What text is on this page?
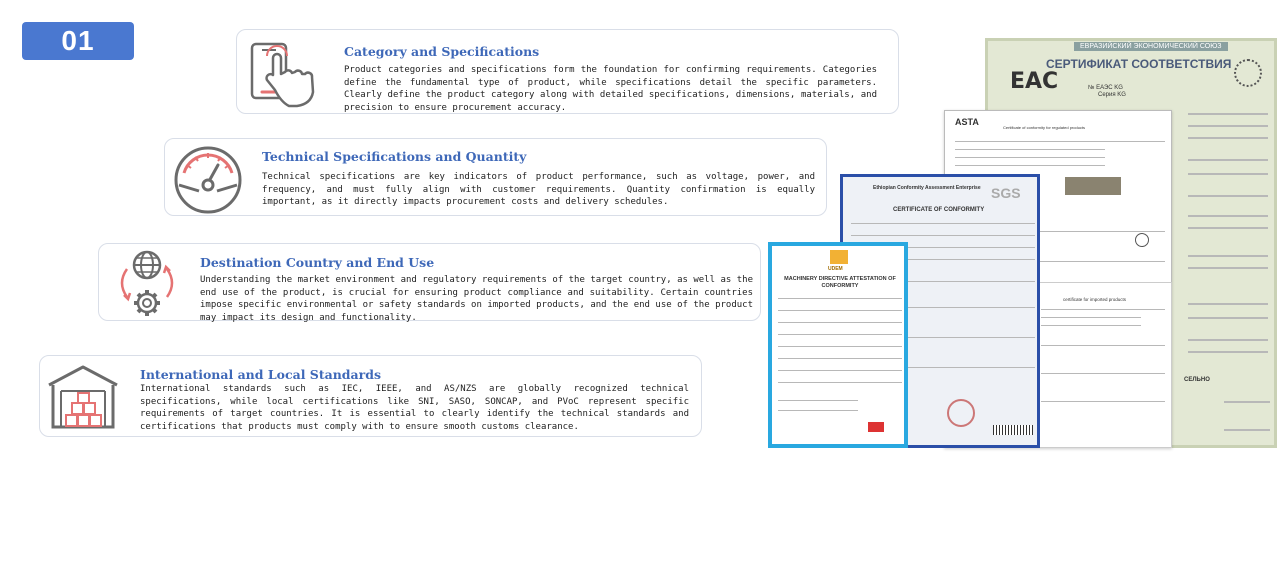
01	Category and Specifications

Product categories and specifications form the foundation for confirming requirements. Categories define the fundamental type of product, while specifications detail the specific parameters. Clearly define the product category along with detailed specifications, dimensions, materials, and precision to ensure procurement accuracy.

Technical Specifications and Quantity

Technical specifications are key indicators of product performance, such as voltage, power, and frequency, and must fully align with customer requirements. Quantity confirmation is equally important, as it directly impacts procurement costs and delivery schedules.

Destination Country and End Use

Understanding the market environment and regulatory requirements of the target country, as well as the end use of the product, is crucial for ensuring product compliance and suitability. Certain countries impose specific environmental or safety standards on imported products, and the end use of the product may impact its design and functionality.

International and Local Standards

International standards such as IEC, IEEE, and AS/NZS are globally recognized technical specifications, while local certifications like SNI, SASO, SONCAP, and PVoC represent specific requirements of target countries. It is essential to clearly identify the technical standards and certifications that products must comply with to ensure smooth customs clearance.

ЕВРАЗИЙСКИЙ ЭКОНОМИЧЕСКИЙ СОЮЗ
СЕРТИФИКАТ СООТВЕТСТВИЯ
ЕАС	№ ЕАЭС KG
Серия KG
СЕЛЬНО
ASTA
Certificate of conformity for regulated products
certificate for imported products
Ethiopian Conformity Assessment Enterprise SGS
CERTIFICATE OF CONFORMITY
UDEM
MACHINERY DIRECTIVE ATTESTATION OF CONFORMITY
